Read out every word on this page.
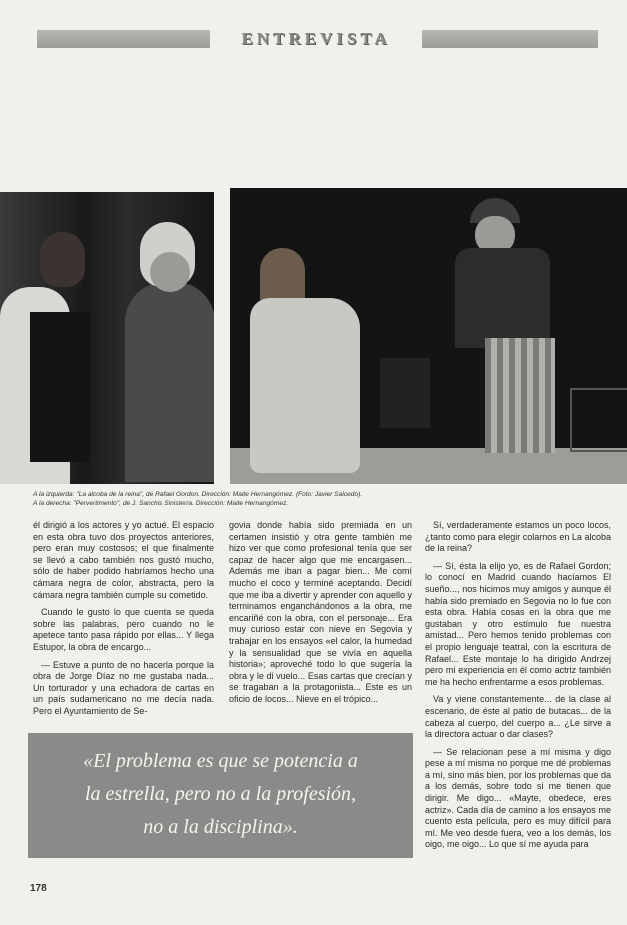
ENTREVISTA
A la izquierda: "La alcoba de la reina", de Rafael Gordon. Dirección: Maite Hernangómez. (Foto: Javier Salcedo).
A la derecha: "Pervertimento", de J. Sanchis Sinisterra. Dirección: Maite Hernangómez.

él dirigió a los actores y yo actué. El espacio en esta obra tuvo dos proyectos anteriores, pero eran muy costosos; el que finalmente se llevó a cabo también nos gustó mucho, sólo de haber podido habríamos hecho una cámara negra de color, abstracta, pero la cámara negra también cumple su cometido.

Cuando le gusto lo que cuenta se queda sobre las palabras, pero cuando no le apetece tanto pasa rápido por ellas... Y llega Estupor, la obra de encargo...

— Estuve a punto de no hacerla porque la obra de Jorge Díaz no me gustaba nada... Un torturador y una echadora de cartas en un país sudamericano no me decía nada. Pero el Ayuntamiento de Se-

govia donde había sido premiada en un certamen insistió y otra gente también me hizo ver que como profesional tenía que ser capaz de hacer algo que me encargasen... Además me iban a pagar bien... Me comí mucho el coco y terminé aceptando. Decidí que me iba a divertir y aprender con aquello y terminamos enganchándonos a la obra, me encariñé con la obra, con el personaje... Era muy curioso estar con nieve en Segovia y trabajar en los ensayos «el calor, la humedad y la sensualidad que se vivía en aquella historia»; aproveché todo lo que sugería la obra y le di vuelo... Esas cartas que crecían y se tragaban a la protagonista... Este es un oficio de locos... Nieve en el trópico...

Sí, verdaderamente estamos un poco locos, ¿tanto como para elegir colarnos en La alcoba de la reina?

— Sí, ésta la elijo yo, es de Rafael Gordon; lo conocí en Madrid cuando hacíamos El sueño..., nos hicimos muy amigos y aunque él había sido premiado en Segovia no lo fue con esta obra. Había cosas en la obra que me gustaban y otro estímulo fue nuestra amistad... Pero hemos tenido problemas con el propio lenguaje teatral, con la escritura de Rafael... Este montaje lo ha dirigido Andrzej pero mi experiencia en él como actriz también me ha hecho enfrentarme a esos problemas.

Va y viene constantemente... de la clase al escenario, de éste al patio de butacas... de la cabeza al cuerpo, del cuerpo a... ¿Le sirve a la directora actuar o dar clases?

— Se relacionan pese a mí misma y digo pese a mí misma no porque me dé problemas a mí, sino más bien, por los problemas que da a los demás, sobre todo si me tienen que dirigir. Me digo... «Mayte, obedece, eres actriz». Cada día de camino a los ensayos me cuento esta película, pero es muy difícil para mí. Me veo desde fuera, veo a los demás, los oigo, me oigo... Lo que sí me ayuda para

«El problema es que se potencia a
la estrella, pero no a la profesión,
no a la disciplina».
178
